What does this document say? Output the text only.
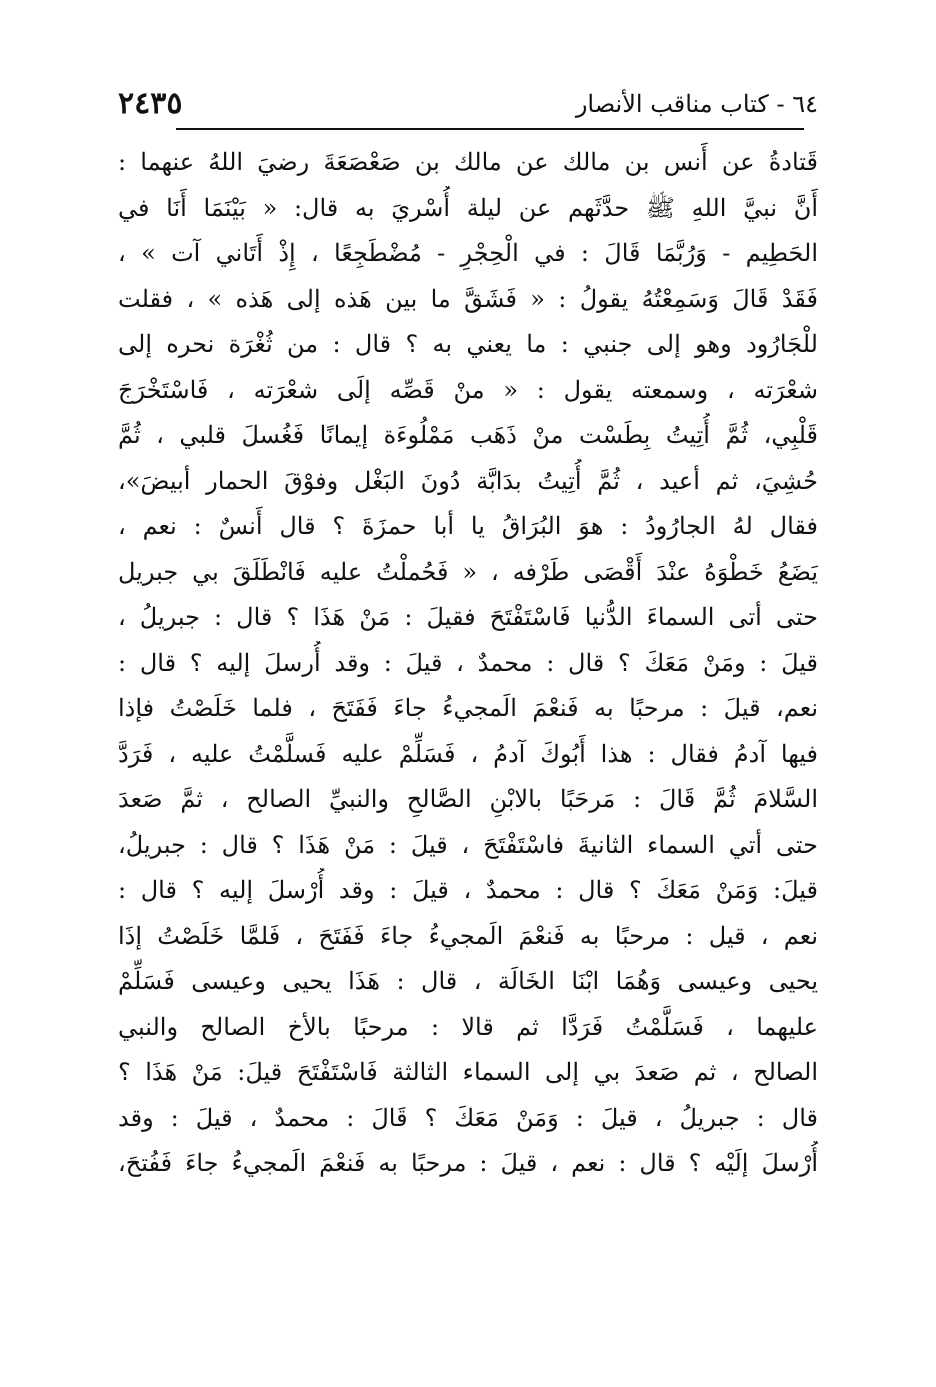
٢٤٣٥	٦٤ - كتاب مناقب الأنصار
قَتادةُ عن أَنس بن مالك عن مالك بن صَعْصَعَةَ رضيَ اللهُ عنهما :
أَنَّ نبيَّ اللهِ ﷺ حدَّثَهم عن ليلة أُسْريَ به قال: « بَيْنَمَا أَنَا في
الحَطِيم - وَرُبَّمَا قَالَ : في الْحِجْرِ - مُضْطَجِعًا ، إِذْ أَتَاني آت » ،
فَقَدْ قَالَ وَسَمِعْتُهُ يقولُ : « فَشَقَّ ما بين هَذه إلى هَذه » ، فقلت
للْجَارُود وهو إلى جنبي : ما يعني به ؟ قال : من ثُغْرَة نحره إلى
شعْرَته ، وسمعته يقول : « منْ قَصِّه إلَى شعْرَته ، فَاسْتَخْرَجَ
قَلْبِي، ثُمَّ أُتِيتُ بِطَسْت منْ ذَهَب مَمْلُوءَة إيمانًا فَغُسلَ قلبي ، ثُمَّ
حُشِيَ، ثم أعيد ، ثُمَّ أُتِيتُ بدَابَّة دُونَ البَغْل وفوْقَ الحمار أبيضَ»،
فقال لهُ الجارُودُ : هوَ البُرَاقُ يا أبا حمزَةَ ؟ قال أَنسٌ : نعم ،
يَضَعُ خَطْوَهُ عنْدَ أَقْصَى طَرْفه ، « فَحُملْتُ عليه فَانْطَلَقَ بي جبريل
حتى أتى السماءَ الدُّنيا فَاسْتَفْتَحَ فقيلَ : مَنْ هَذَا ؟ قال : جبريلُ ،
قيلَ : ومَنْ مَعَكَ ؟ قال : محمدٌ ، قيلَ : وقد أُرسلَ إليه ؟ قال :
نعم، قيلَ : مرحبًا به فَنعْمَ الَمجيءُ جاءَ فَفَتَحَ ، فلما خَلَصْتُ فإذا
فيها آدمُ فقال : هذا أَبُوكَ آدمُ ، فَسَلِّمْ عليه فَسلَّمْتُ عليه ، فَرَدَّ
السَّلامَ ثُمَّ قَالَ : مَرحَبًا بالابْنِ الصَّالحِ والنبيِّ الصالح ، ثمَّ صَعدَ
حتى أتي السماء الثانيةَ فاسْتَفْتَحَ ، قيلَ : مَنْ هَذَا ؟ قال : جبريلُ،
قيلَ: وَمَنْ مَعَكَ ؟ قال : محمدٌ ، قيلَ : وقد أُرْسلَ إليه ؟ قال :
نعم ، قيل : مرحبًا به فَنعْمَ الَمجيءُ جاءَ فَفَتَحَ ، فَلمَّا خَلَصْتُ إذَا
يحيى وعيسى وَهُمَا ابْنَا الخَالَة ، قال : هَذَا يحيى وعيسى فَسَلِّمْ
عليهما ، فَسَلَّمْتُ فَرَدَّا ثم قالا : مرحبًا بالأخ الصالح والنبي
الصالح ، ثم صَعدَ بي إلى السماء الثالثة فَاسْتَفْتَحَ قيلَ: مَنْ هَذَا ؟
قال : جبريلُ ، قيلَ : وَمَنْ مَعَكَ ؟ قَالَ : محمدٌ ، قيلَ : وقد
أُرْسلَ إلَيْه ؟ قال : نعم ، قيلَ : مرحبًا به فَنعْمَ الَمجيءُ جاءَ فَفُتحَ،
